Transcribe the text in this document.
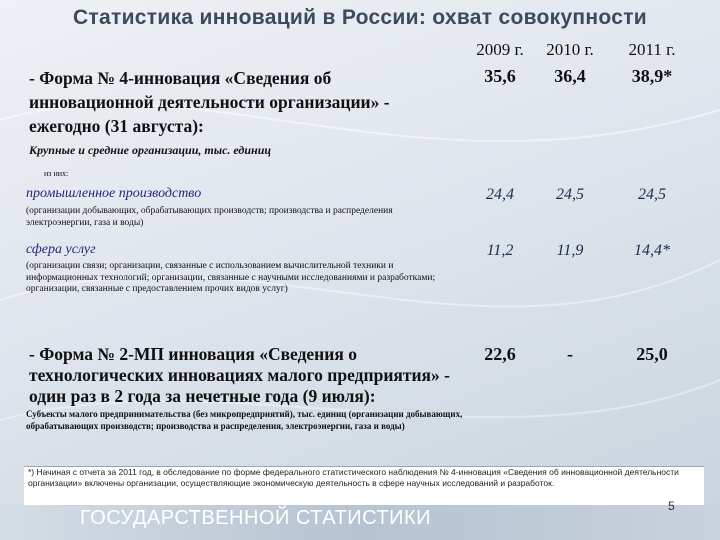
Статистика инноваций в России: охват совокупности
2009 г.	2010 г.	2011 г.
- Форма № 4-инновация «Сведения об инновационной деятельности организации» - ежегодно (31 августа):
35,6	36,4	38,9*
Крупные и средние организации, тыс. единиц
из них:
промышленное производство
(организации добывающих, обрабатывающих производств; производства и распределения электроэнергии, газа и воды)
24,4	24,5	24,5
сфера услуг
(организации связи; организации, связанные с использованием вычислительной техники и информационных технологий; организации, связанные с научными исследованиями и разработками; организации, связанные с предоставлением прочих видов услуг)
11,2	11,9	14,4*
- Форма № 2-МП инновация «Сведения о технологических инновациях малого предприятия» - один раз в 2 года за нечетные года (9 июля):
22,6	-	25,0
Субъекты малого предпринимательства (без микропредприятий), тыс. единиц (организации добывающих, обрабатывающих производств; производства и распределения, электроэнергии, газа и воды)
ГОСУДАРСТВЕННОЙ СТАТИСТИКИ
*) Начиная с отчета за 2011 год, в обследование по форме федерального статистического наблюдения № 4-инновация «Сведения об инновационной деятельности организации» включены организации, осуществляющие экономическую деятельность в сфере научных исследований и разработок.
5
